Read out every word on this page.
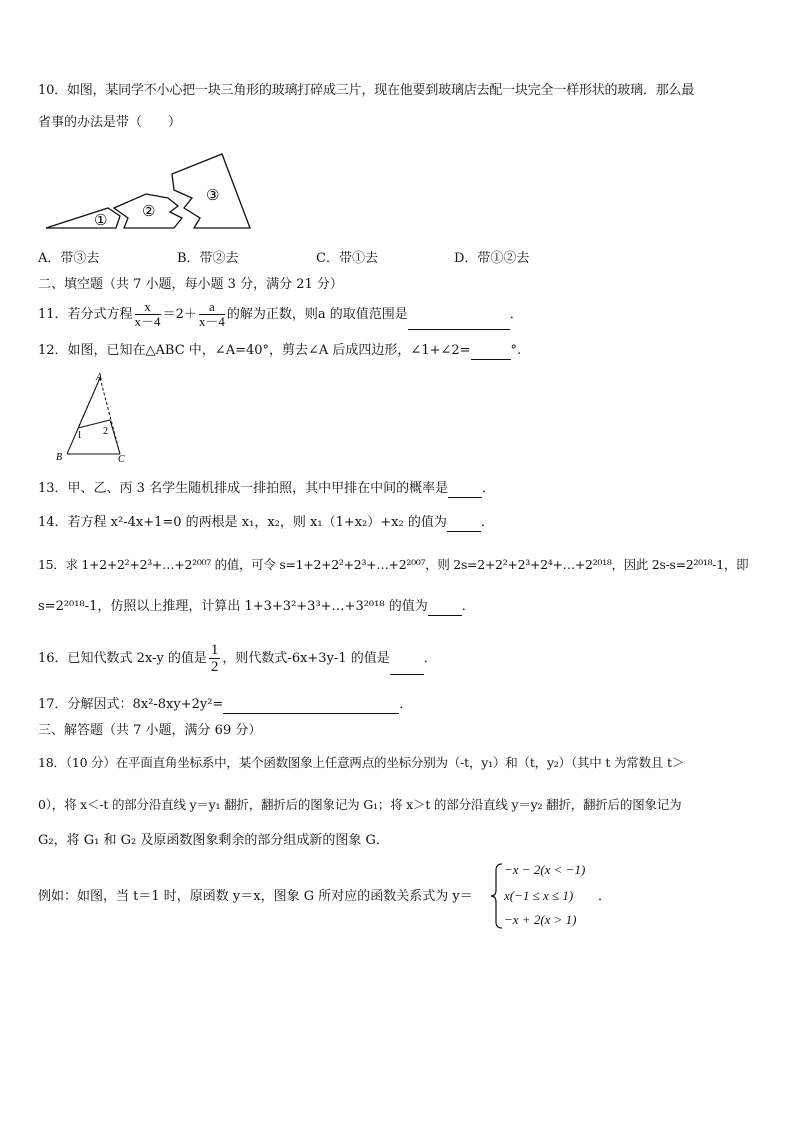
10．如图，某同学不小心把一块三角形的玻璃打碎成三片，现在他要到玻璃店去配一块完全一样形状的玻璃．那么最
省事的办法是带（　　）
① ②
③
A．带③去	B．带②去	C．带①去	D．带①②去
二、填空题（共 7 小题，每小题 3 分，满分 21 分）
11．若分式方程 $\frac{x}{x-4} =2+ \frac{a}{x-4}$ 的解为正数，则a 的取值范围是	．
12．如图，已知在△ABC 中，∠A=40°，剪去∠A 后成四边形，∠1+∠2=	°.
A
B	C
1 2
13．甲、乙、丙 3 名学生随机排成一排拍照，其中甲排在中间的概率是	．
14．若方程 x²-4x+1=0 的两根是 x₁，x₂，则 x₁（1+x₂）+x₂ 的值为	．
15．求 1+2+2²+2³+…+2²⁰⁰⁷ 的值，可令 s=1+2+2²+2³+…+2²⁰⁰⁷，则 2s=2+2²+2³+2⁴+…+2²⁰¹⁸，因此 2s-s=2²⁰¹⁸-1，即
s=2²⁰¹⁸-1，仿照以上推理，计算出 1+3+3²+3³+…+3²⁰¹⁸ 的值为	．
16．已知代数式 2x-y 的值是 $\frac{1}{2}$ ，则代数式-6x+3y-1 的值是	．
17．分解因式：8x²-8xy+2y²=	．
三、解答题（共 7 小题，满分 69 分）
18．（10 分）在平面直角坐标系中，某个函数图象上任意两点的坐标分别为（-t，y₁）和（t，y₂）（其中 t 为常数且 t＞
0），将 x＜-t 的部分沿直线 y＝y₁ 翻折，翻折后的图象记为 G₁；将 x＞t 的部分沿直线 y＝y₂ 翻折，翻折后的图象记为
G₂，将 G₁ 和 G₂ 及原函数图象剩余的部分组成新的图象 G．
例如：如图，当 t＝1 时，原函数 y＝x，图象 G 所对应的函数关系式为 y＝
−x − 2(x < −1)
x(−1 ≤ x ≤ 1)
−x + 2(x > 1)
．
